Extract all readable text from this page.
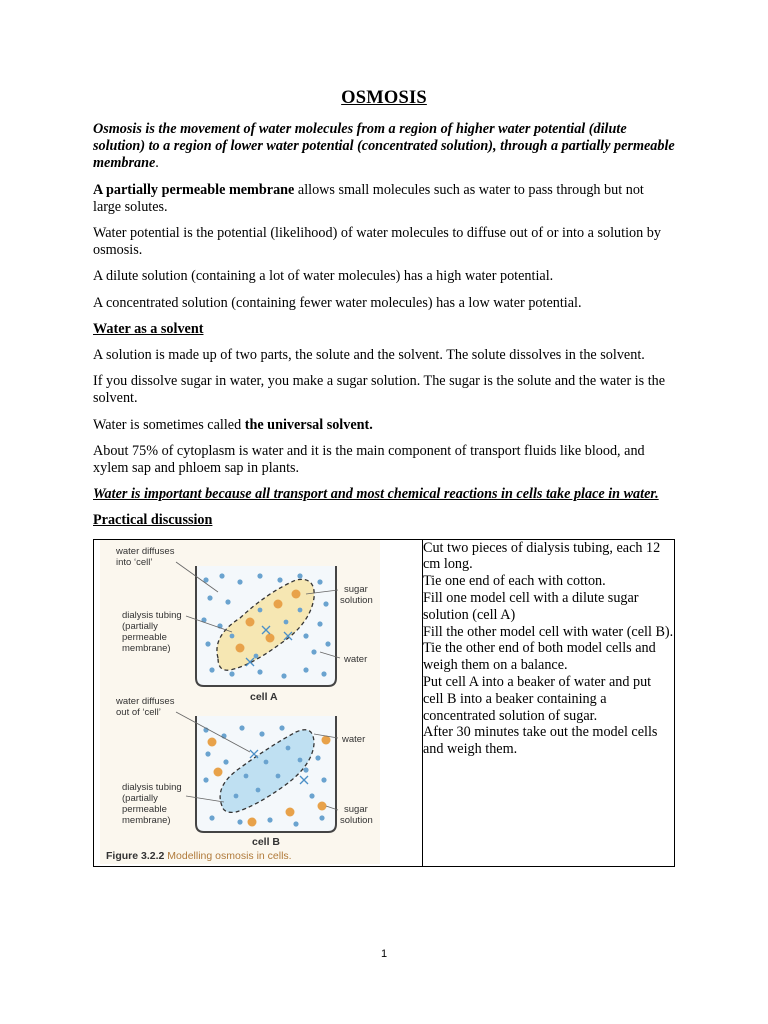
OSMOSIS

Osmosis is the movement of water molecules from a region of higher water potential (dilute solution) to a region of lower water potential (concentrated solution), through a partially permeable membrane.

A partially permeable membrane allows small molecules such as water to pass through but not large solutes.

Water potential is the potential (likelihood) of water molecules to diffuse out of or into a solution by osmosis.

A dilute solution (containing a lot of water molecules) has a high water potential.

A concentrated solution (containing fewer water molecules) has a low water potential.

Water as a solvent

A solution is made up of two parts, the solute and the solvent. The solute dissolves in the solvent.

If you dissolve sugar in water, you make a sugar solution. The sugar is the solute and the water is the solvent.

Water is sometimes called the universal solvent.

About 75% of cytoplasm is water and it is the main component of transport fluids like blood, and xylem sap and phloem sap in plants.

Water is important because all transport and most chemical reactions in cells take place in water.

Practical discussion

water diffuses
into ‘cell’
dialysis tubing
(partially
permeable
membrane)
sugar
solution
water
cell A
water diffuses
out of ‘cell’
water
dialysis tubing
(partially
permeable
membrane)
sugar
solution
cell B
Figure 3.2.2 Modelling osmosis in cells.

Cut two pieces of dialysis tubing, each 12 cm long.
Tie one end of each with cotton.
Fill one model cell with a dilute sugar solution (cell A)
Fill the other model cell with water (cell B).
Tie the other end of both model cells and weigh them on a balance.
Put cell A into a beaker of water and put cell B into a beaker containing a concentrated solution of sugar.
After 30 minutes take out the model cells and weigh them.
1
